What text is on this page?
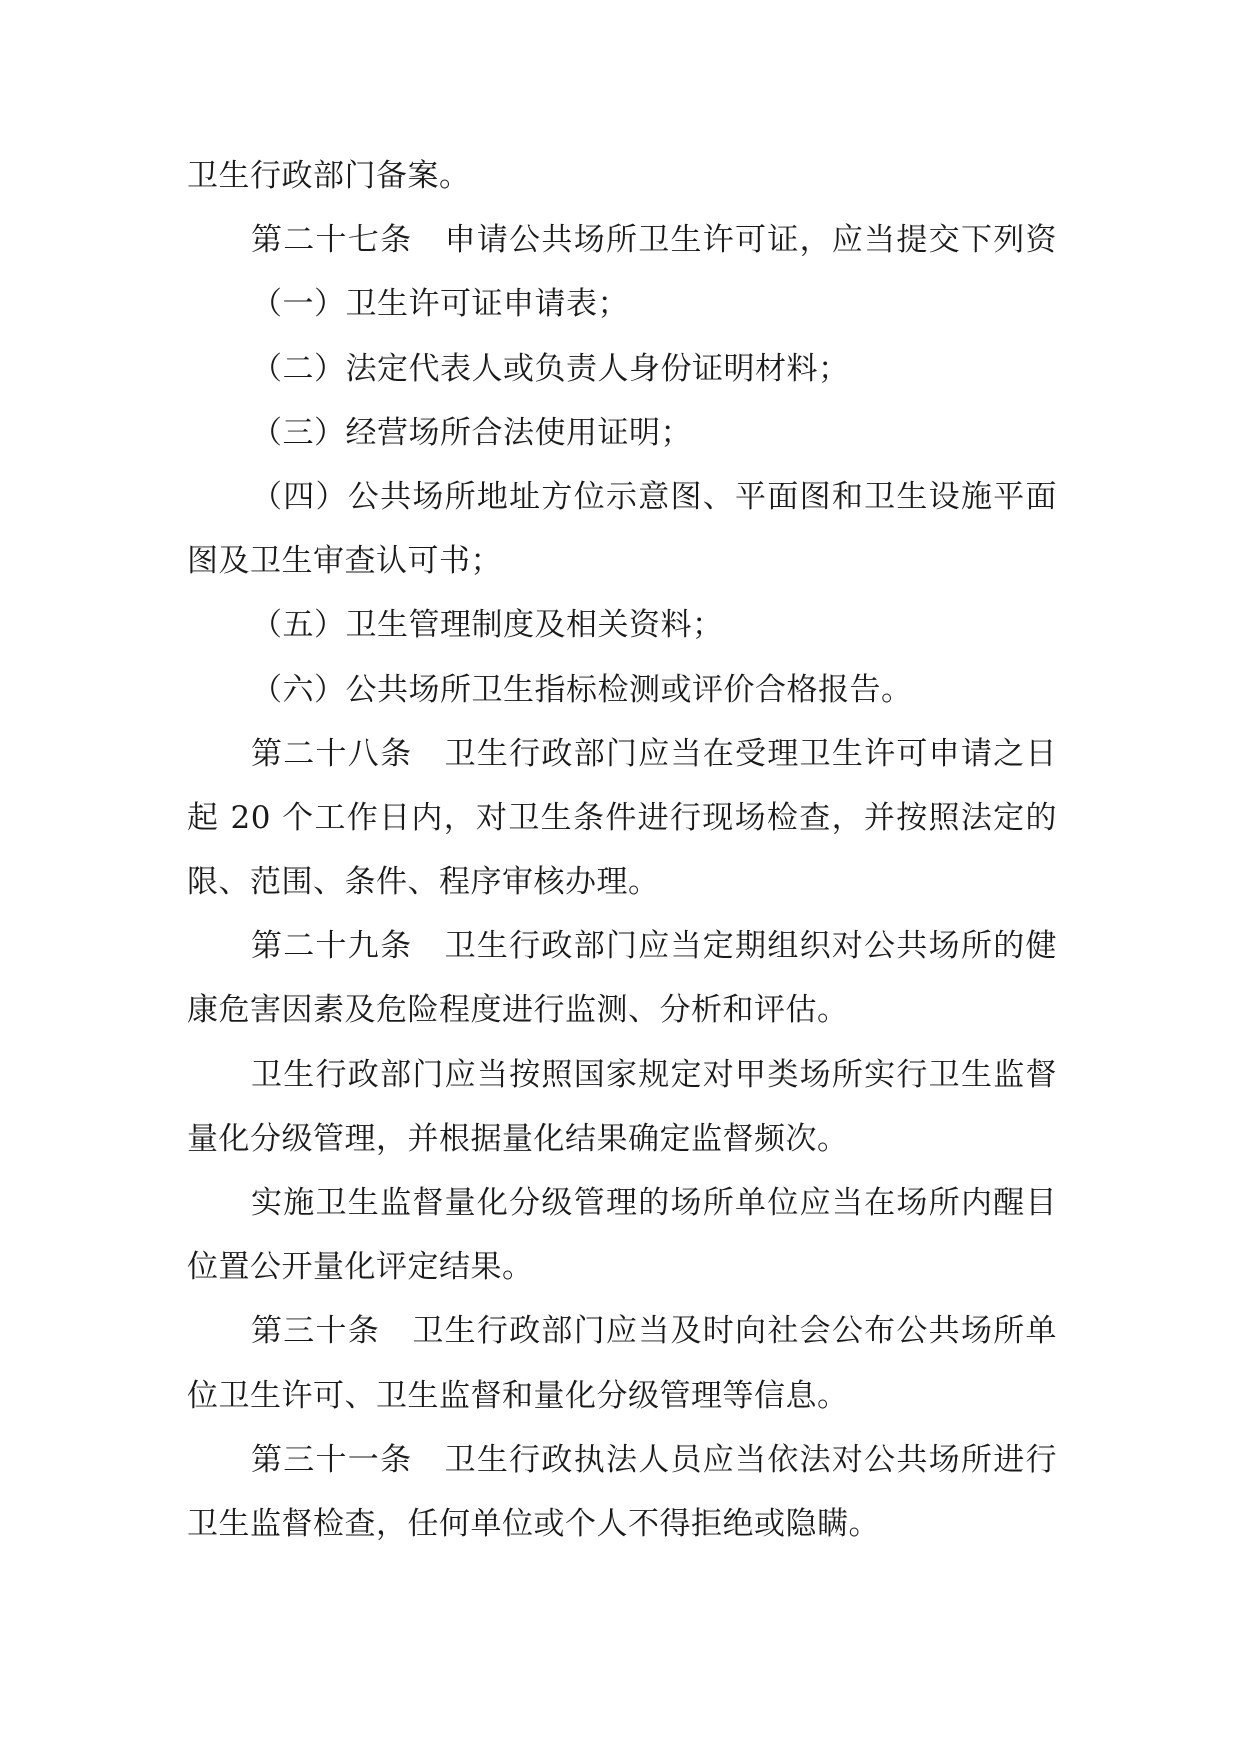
卫生行政部门备案。
第二十七条　申请公共场所卫生许可证，应当提交下列资
（一）卫生许可证申请表；
（二）法定代表人或负责人身份证明材料；
（三）经营场所合法使用证明；
（四）公共场所地址方位示意图、平面图和卫生设施平面
图及卫生审查认可书；
（五）卫生管理制度及相关资料；
（六）公共场所卫生指标检测或评价合格报告。
第二十八条　卫生行政部门应当在受理卫生许可申请之日
起 20 个工作日内，对卫生条件进行现场检查，并按照法定的
限、范围、条件、程序审核办理。
第二十九条　卫生行政部门应当定期组织对公共场所的健
康危害因素及危险程度进行监测、分析和评估。
卫生行政部门应当按照国家规定对甲类场所实行卫生监督
量化分级管理，并根据量化结果确定监督频次。
实施卫生监督量化分级管理的场所单位应当在场所内醒目
位置公开量化评定结果。
第三十条　卫生行政部门应当及时向社会公布公共场所单
位卫生许可、卫生监督和量化分级管理等信息。
第三十一条　卫生行政执法人员应当依法对公共场所进行
卫生监督检查，任何单位或个人不得拒绝或隐瞒。
